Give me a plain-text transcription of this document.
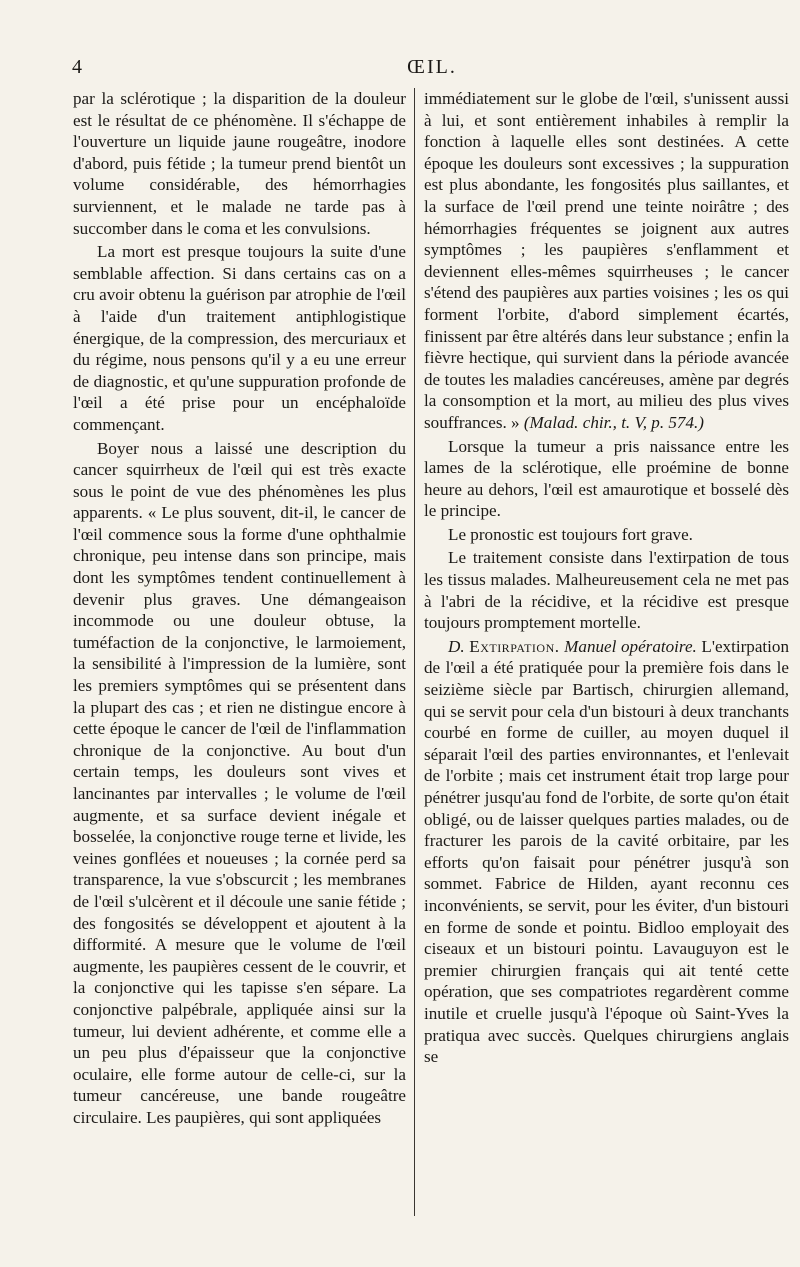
4	ŒIL.

par la sclérotique ; la disparition de la douleur est le résultat de ce phénomène. Il s'échappe de l'ouverture un liquide jaune rougeâtre, inodore d'abord, puis fétide ; la tumeur prend bientôt un volume considérable, des hémorrhagies surviennent, et le malade ne tarde pas à succomber dans le coma et les convulsions.

La mort est presque toujours la suite d'une semblable affection. Si dans certains cas on a cru avoir obtenu la guérison par atrophie de l'œil à l'aide d'un traitement antiphlogistique énergique, de la compression, des mercuriaux et du régime, nous pensons qu'il y a eu une erreur de diagnostic, et qu'une suppuration profonde de l'œil a été prise pour un encéphaloïde commençant.

Boyer nous a laissé une description du cancer squirrheux de l'œil qui est très exacte sous le point de vue des phénomènes les plus apparents. « Le plus souvent, dit-il, le cancer de l'œil commence sous la forme d'une ophthalmie chronique, peu intense dans son principe, mais dont les symptômes tendent continuellement à devenir plus graves. Une démangeaison incommode ou une douleur obtuse, la tuméfaction de la conjonctive, le larmoiement, la sensibilité à l'impression de la lumière, sont les premiers symptômes qui se présentent dans la plupart des cas ; et rien ne distingue encore à cette époque le cancer de l'œil de l'inflammation chronique de la conjonctive. Au bout d'un certain temps, les douleurs sont vives et lancinantes par intervalles ; le volume de l'œil augmente, et sa surface devient inégale et bosselée, la conjonctive rouge terne et livide, les veines gonflées et noueuses ; la cornée perd sa transparence, la vue s'obscurcit ; les membranes de l'œil s'ulcèrent et il découle une sanie fétide ; des fongosités se développent et ajoutent à la difformité. A mesure que le volume de l'œil augmente, les paupières cessent de le couvrir, et la conjonctive qui les tapisse s'en sépare. La conjonctive palpébrale, appliquée ainsi sur la tumeur, lui devient adhérente, et comme elle a un peu plus d'épaisseur que la conjonctive oculaire, elle forme autour de celle-ci, sur la tumeur cancéreuse, une bande rougeâtre circulaire. Les paupières, qui sont appliquées

immédiatement sur le globe de l'œil, s'unissent aussi à lui, et sont entièrement inhabiles à remplir la fonction à laquelle elles sont destinées. A cette époque les douleurs sont excessives ; la suppuration est plus abondante, les fongosités plus saillantes, et la surface de l'œil prend une teinte noirâtre ; des hémorrhagies fréquentes se joignent aux autres symptômes ; les paupières s'enflamment et deviennent elles-mêmes squirrheuses ; le cancer s'étend des paupières aux parties voisines ; les os qui forment l'orbite, d'abord simplement écartés, finissent par être altérés dans leur substance ; enfin la fièvre hectique, qui survient dans la période avancée de toutes les maladies cancéreuses, amène par degrés la consomption et la mort, au milieu des plus vives souffrances. » (Malad. chir., t. V, p. 574.)

Lorsque la tumeur a pris naissance entre les lames de la sclérotique, elle proémine de bonne heure au dehors, l'œil est amaurotique et bosselé dès le principe.

Le pronostic est toujours fort grave.

Le traitement consiste dans l'extirpation de tous les tissus malades. Malheureusement cela ne met pas à l'abri de la récidive, et la récidive est presque toujours promptement mortelle.

D. Extirpation. Manuel opératoire. L'extirpation de l'œil a été pratiquée pour la première fois dans le seizième siècle par Bartisch, chirurgien allemand, qui se servit pour cela d'un bistouri à deux tranchants courbé en forme de cuiller, au moyen duquel il séparait l'œil des parties environnantes, et l'enlevait de l'orbite ; mais cet instrument était trop large pour pénétrer jusqu'au fond de l'orbite, de sorte qu'on était obligé, ou de laisser quelques parties malades, ou de fracturer les parois de la cavité orbitaire, par les efforts qu'on faisait pour pénétrer jusqu'à son sommet. Fabrice de Hilden, ayant reconnu ces inconvénients, se servit, pour les éviter, d'un bistouri en forme de sonde et pointu. Bidloo employait des ciseaux et un bistouri pointu. Lavauguyon est le premier chirurgien français qui ait tenté cette opération, que ses compatriotes regardèrent comme inutile et cruelle jusqu'à l'époque où Saint-Yves la pratiqua avec succès. Quelques chirurgiens anglais se
